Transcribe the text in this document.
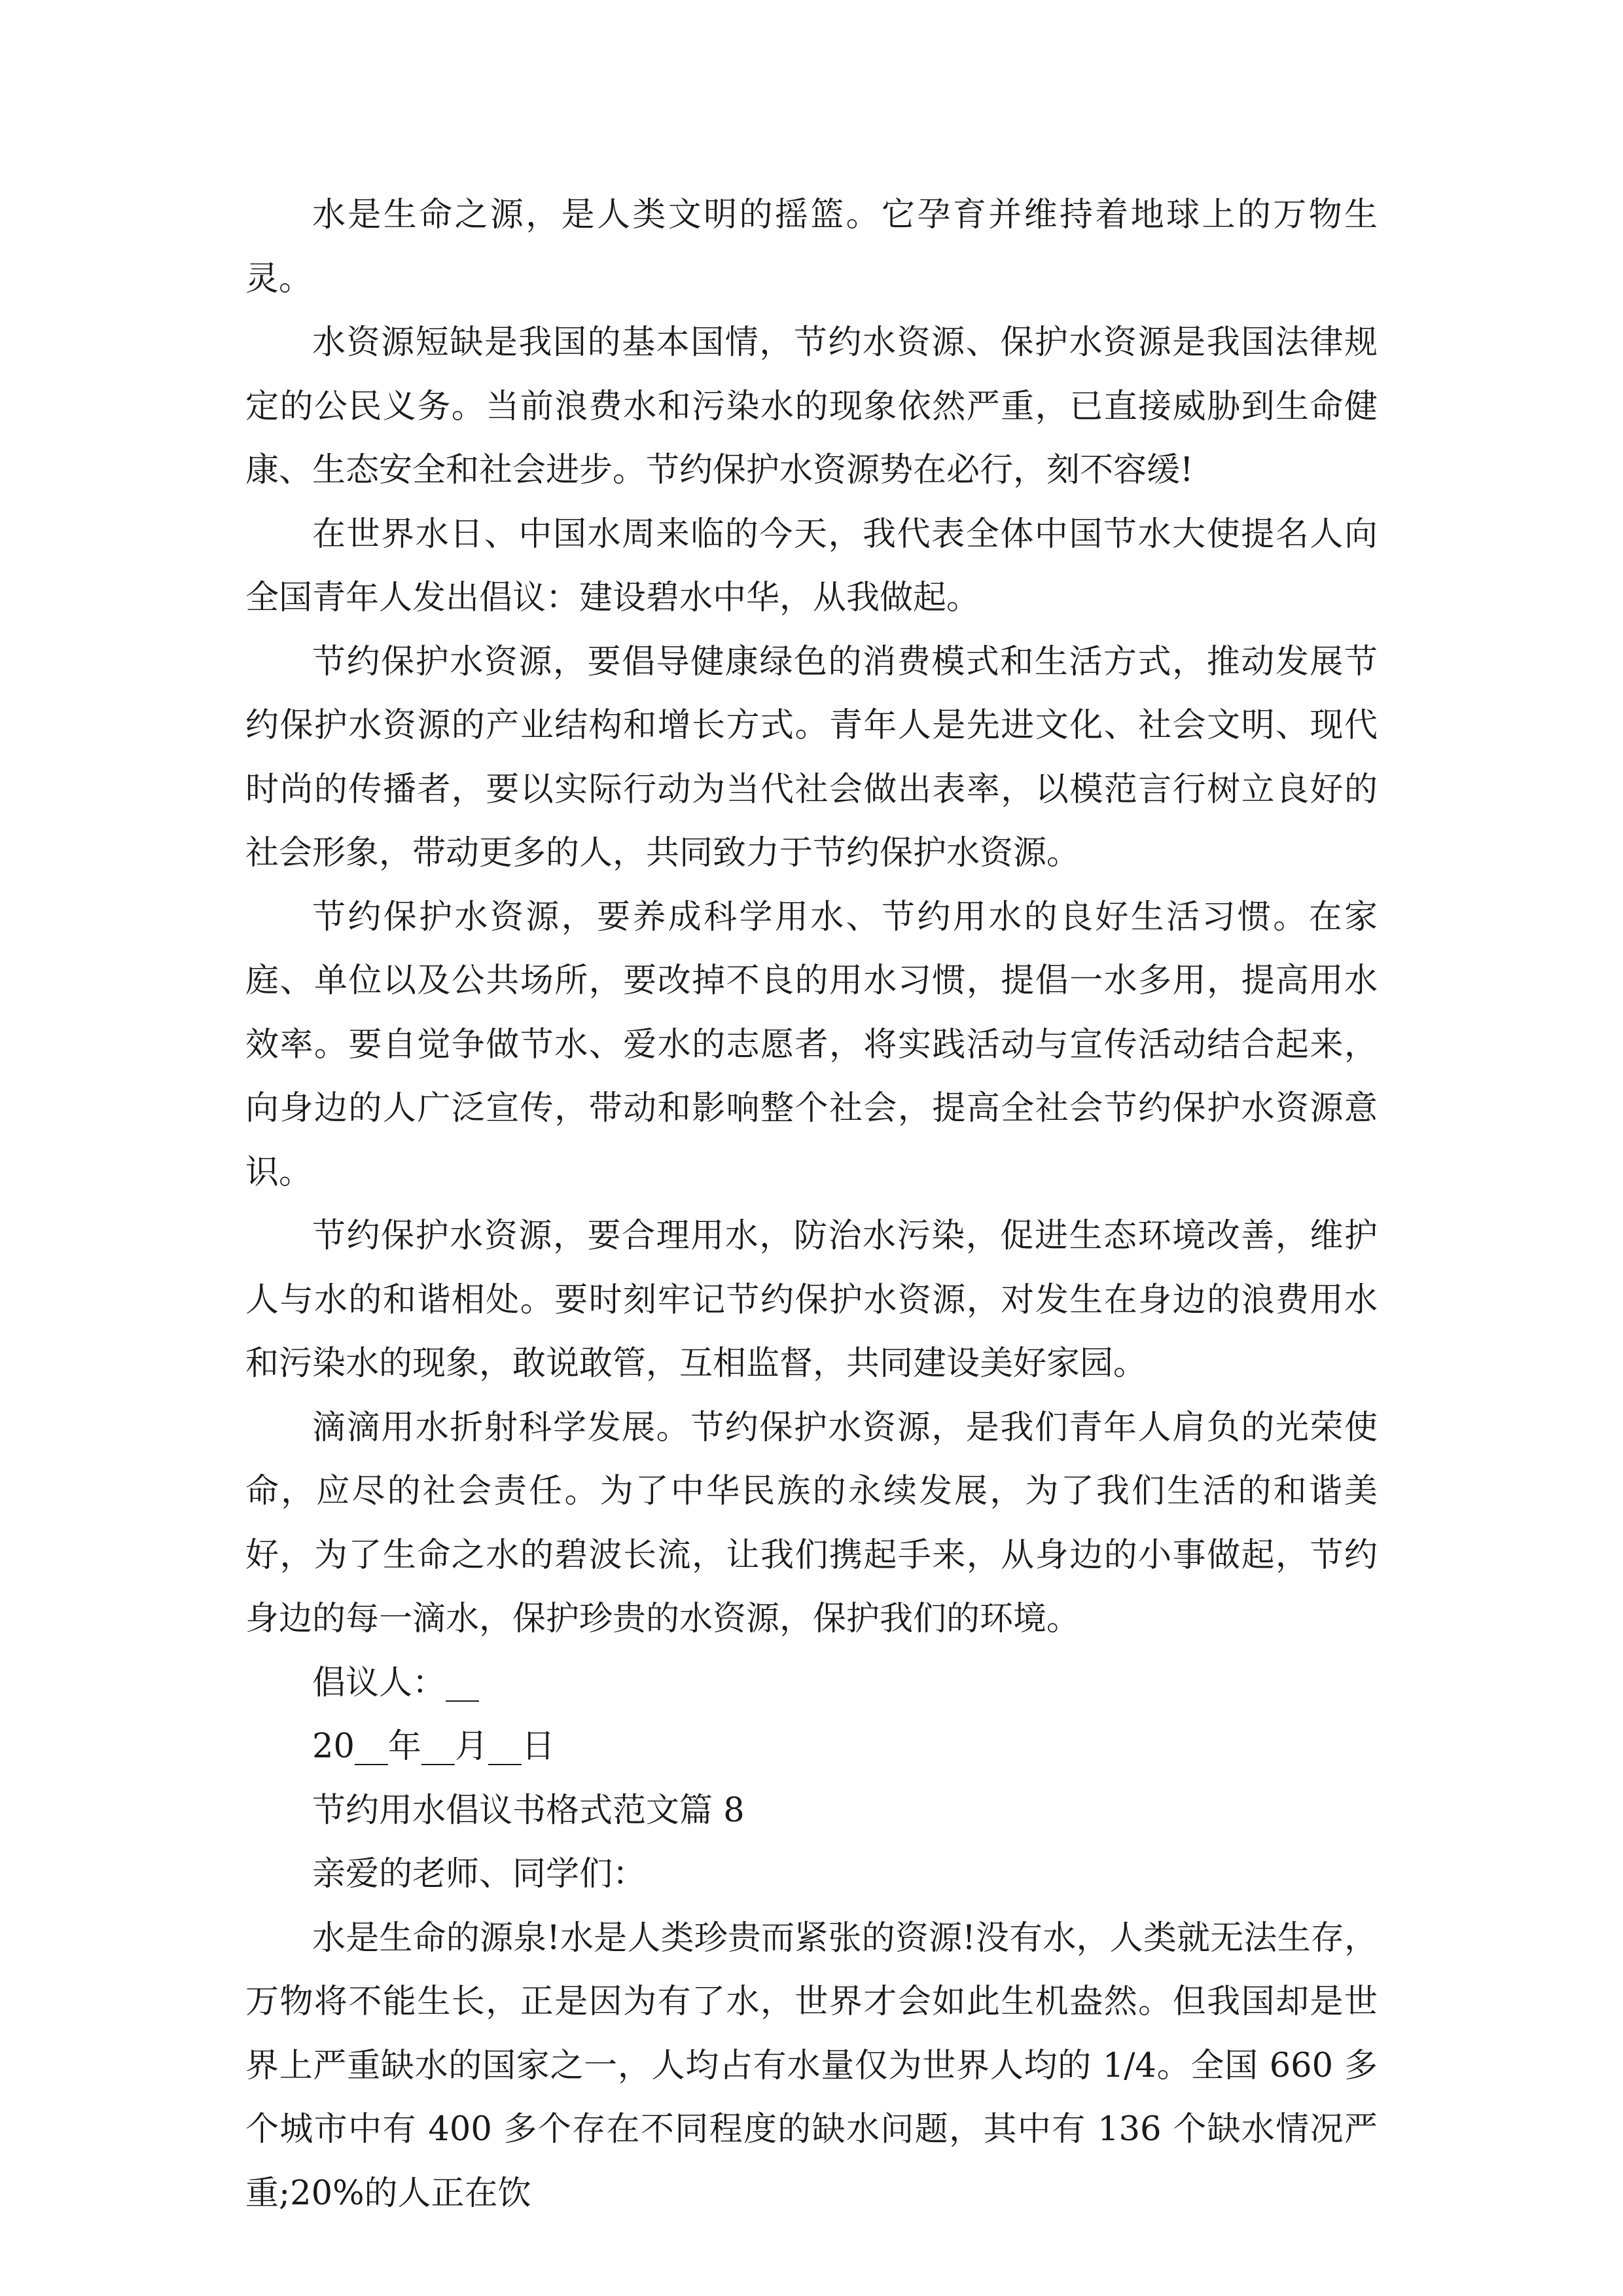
水是生命之源，是人类文明的摇篮。它孕育并维持着地球上的万物生灵。

水资源短缺是我国的基本国情，节约水资源、保护水资源是我国法律规定的公民义务。当前浪费水和污染水的现象依然严重，已直接威胁到生命健康、生态安全和社会进步。节约保护水资源势在必行，刻不容缓!

在世界水日、中国水周来临的今天，我代表全体中国节水大使提名人向全国青年人发出倡议：建设碧水中华，从我做起。

节约保护水资源，要倡导健康绿色的消费模式和生活方式，推动发展节约保护水资源的产业结构和增长方式。青年人是先进文化、社会文明、现代时尚的传播者，要以实际行动为当代社会做出表率，以模范言行树立良好的社会形象，带动更多的人，共同致力于节约保护水资源。

节约保护水资源，要养成科学用水、节约用水的良好生活习惯。在家庭、单位以及公共场所，要改掉不良的用水习惯，提倡一水多用，提高用水效率。要自觉争做节水、爱水的志愿者，将实践活动与宣传活动结合起来，向身边的人广泛宣传，带动和影响整个社会，提高全社会节约保护水资源意识。

节约保护水资源，要合理用水，防治水污染，促进生态环境改善，维护人与水的和谐相处。要时刻牢记节约保护水资源，对发生在身边的浪费用水和污染水的现象，敢说敢管，互相监督，共同建设美好家园。

滴滴用水折射科学发展。节约保护水资源，是我们青年人肩负的光荣使命，应尽的社会责任。为了中华民族的永续发展，为了我们生活的和谐美好，为了生命之水的碧波长流，让我们携起手来，从身边的小事做起，节约身边的每一滴水，保护珍贵的水资源，保护我们的环境。

倡议人：__

20__年__月__日

节约用水倡议书格式范文篇 8

亲爱的老师、同学们：

水是生命的源泉!水是人类珍贵而紧张的资源!没有水，人类就无法生存，万物将不能生长，正是因为有了水，世界才会如此生机盎然。但我国却是世界上严重缺水的国家之一，人均占有水量仅为世界人均的 1/4。全国 660 多个城市中有 400 多个存在不同程度的缺水问题，其中有 136 个缺水情况严重;20%的人正在饮
